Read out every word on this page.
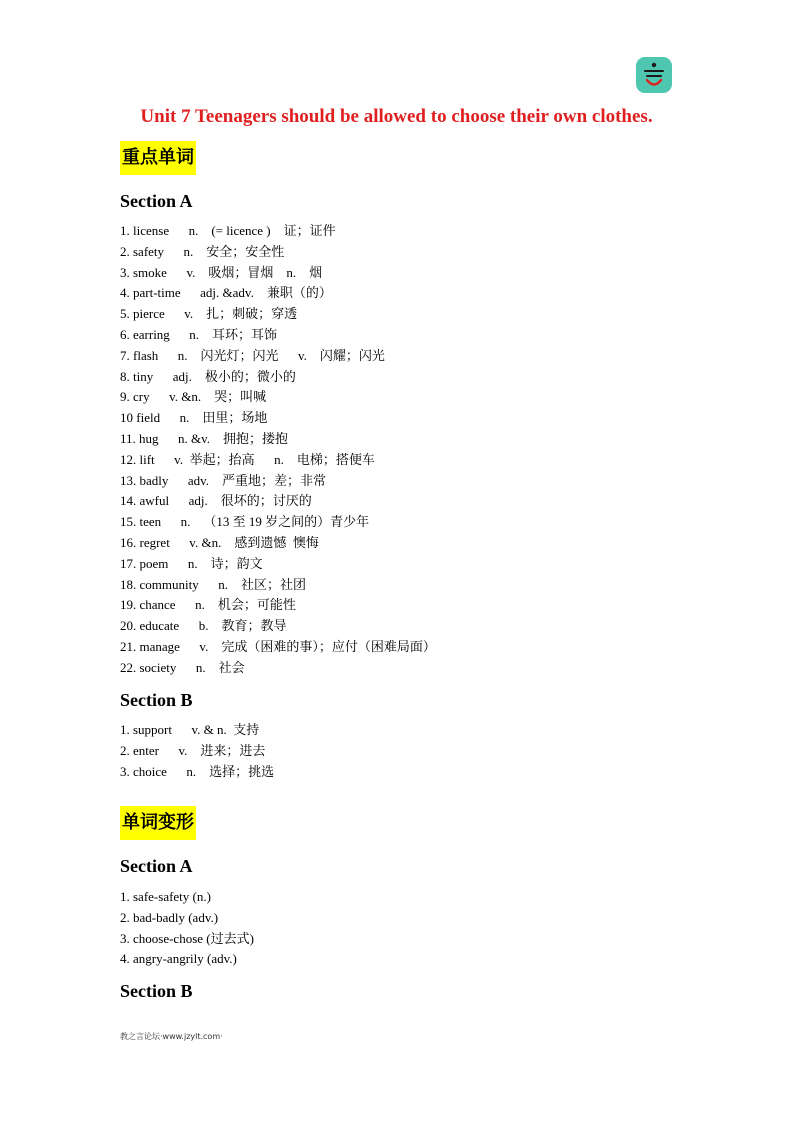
Unit 7 Teenagers should be allowed to choose their own clothes.
重点单词
Section A
1. license      n.    (= licence )    证；证件
2. safety      n.    安全；安全性
3. smoke      v.    吸烟；冒烟    n.    烟
4. part-time      adj. &adv.    兼职（的）
5. pierce      v.    扎；刺破；穿透
6. earring      n.    耳环；耳饰
7. flash      n.    闪光灯；闪光      v.    闪耀；闪光
8. tiny      adj.    极小的；微小的
9. cry      v. &n.    哭；叫喊
10 field      n.    田里；场地
11. hug      n. &v.    拥抱；搂抱
12. lift      v.  举起；抬高      n.    电梯；搭便车
13. badly      adv.    严重地；差；非常
14. awful      adj.    很坏的；讨厌的
15. teen      n.    （13 至 19 岁之间的）青少年
16. regret      v. &n.    感到遗憾  懊悔
17. poem      n.    诗；韵文
18. community      n.    社区；社团
19. chance      n.    机会；可能性
20. educate      b.    教育；教导
21. manage      v.    完成（困难的事）；应付（困难局面）
22. society      n.    社会
Section B
1. support      v. & n.  支持
2. enter      v.    进来；进去
3. choice      n.    选择；挑选
单词变形
Section A
1. safe-safety (n.)
2. bad-badly (adv.)
3. choose-chose (过去式)
4. angry-angrily (adv.)
Section B
教之言论坛·www.jzylt.com·
